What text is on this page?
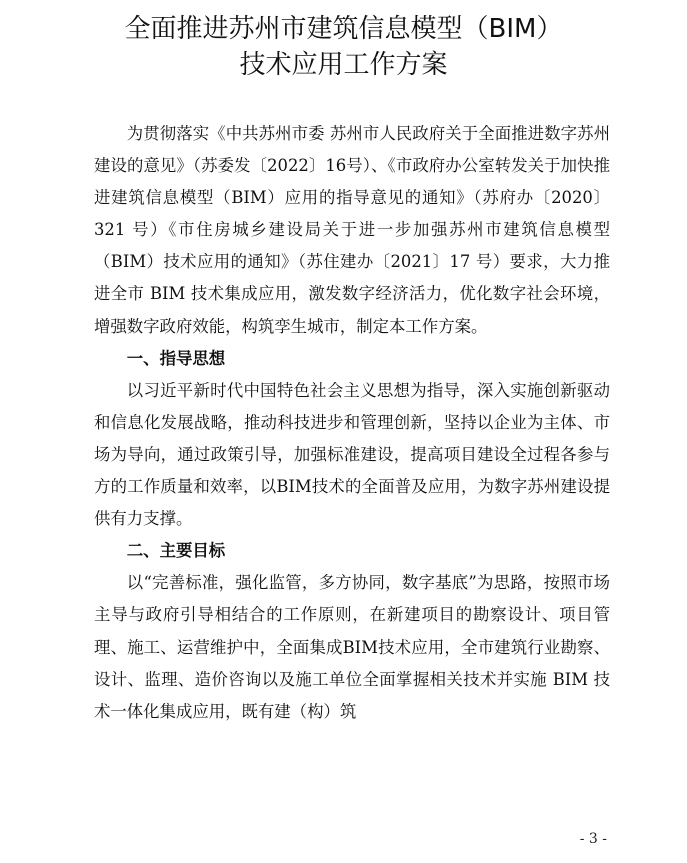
全面推进苏州市建筑信息模型（BIM）
技术应用工作方案

为贯彻落实《中共苏州市委 苏州市人民政府关于全面推进数字苏州建设的意见》（苏委发〔2022〕16号）、《市政府办公室转发关于加快推进建筑信息模型（BIM）应用的指导意见的通知》（苏府办〔2020〕321 号）《市住房城乡建设局关于进一步加强苏州市建筑信息模型（BIM）技术应用的通知》（苏住建办〔2021〕17 号）要求，大力推进全市 BIM 技术集成应用，激发数字经济活力，优化数字社会环境，增强数字政府效能，构筑孪生城市，制定本工作方案。

一、指导思想

以习近平新时代中国特色社会主义思想为指导，深入实施创新驱动和信息化发展战略，推动科技进步和管理创新，坚持以企业为主体、市场为导向，通过政策引导，加强标准建设，提高项目建设全过程各参与方的工作质量和效率，以BIM技术的全面普及应用，为数字苏州建设提供有力支撑。

二、主要目标

以“完善标准，强化监管，多方协同，数字基底”为思路，按照市场主导与政府引导相结合的工作原则，在新建项目的勘察设计、项目管理、施工、运营维护中，全面集成BIM技术应用，全市建筑行业勘察、设计、监理、造价咨询以及施工单位全面掌握相关技术并实施 BIM 技术一体化集成应用，既有建（构）筑

- 3 -
